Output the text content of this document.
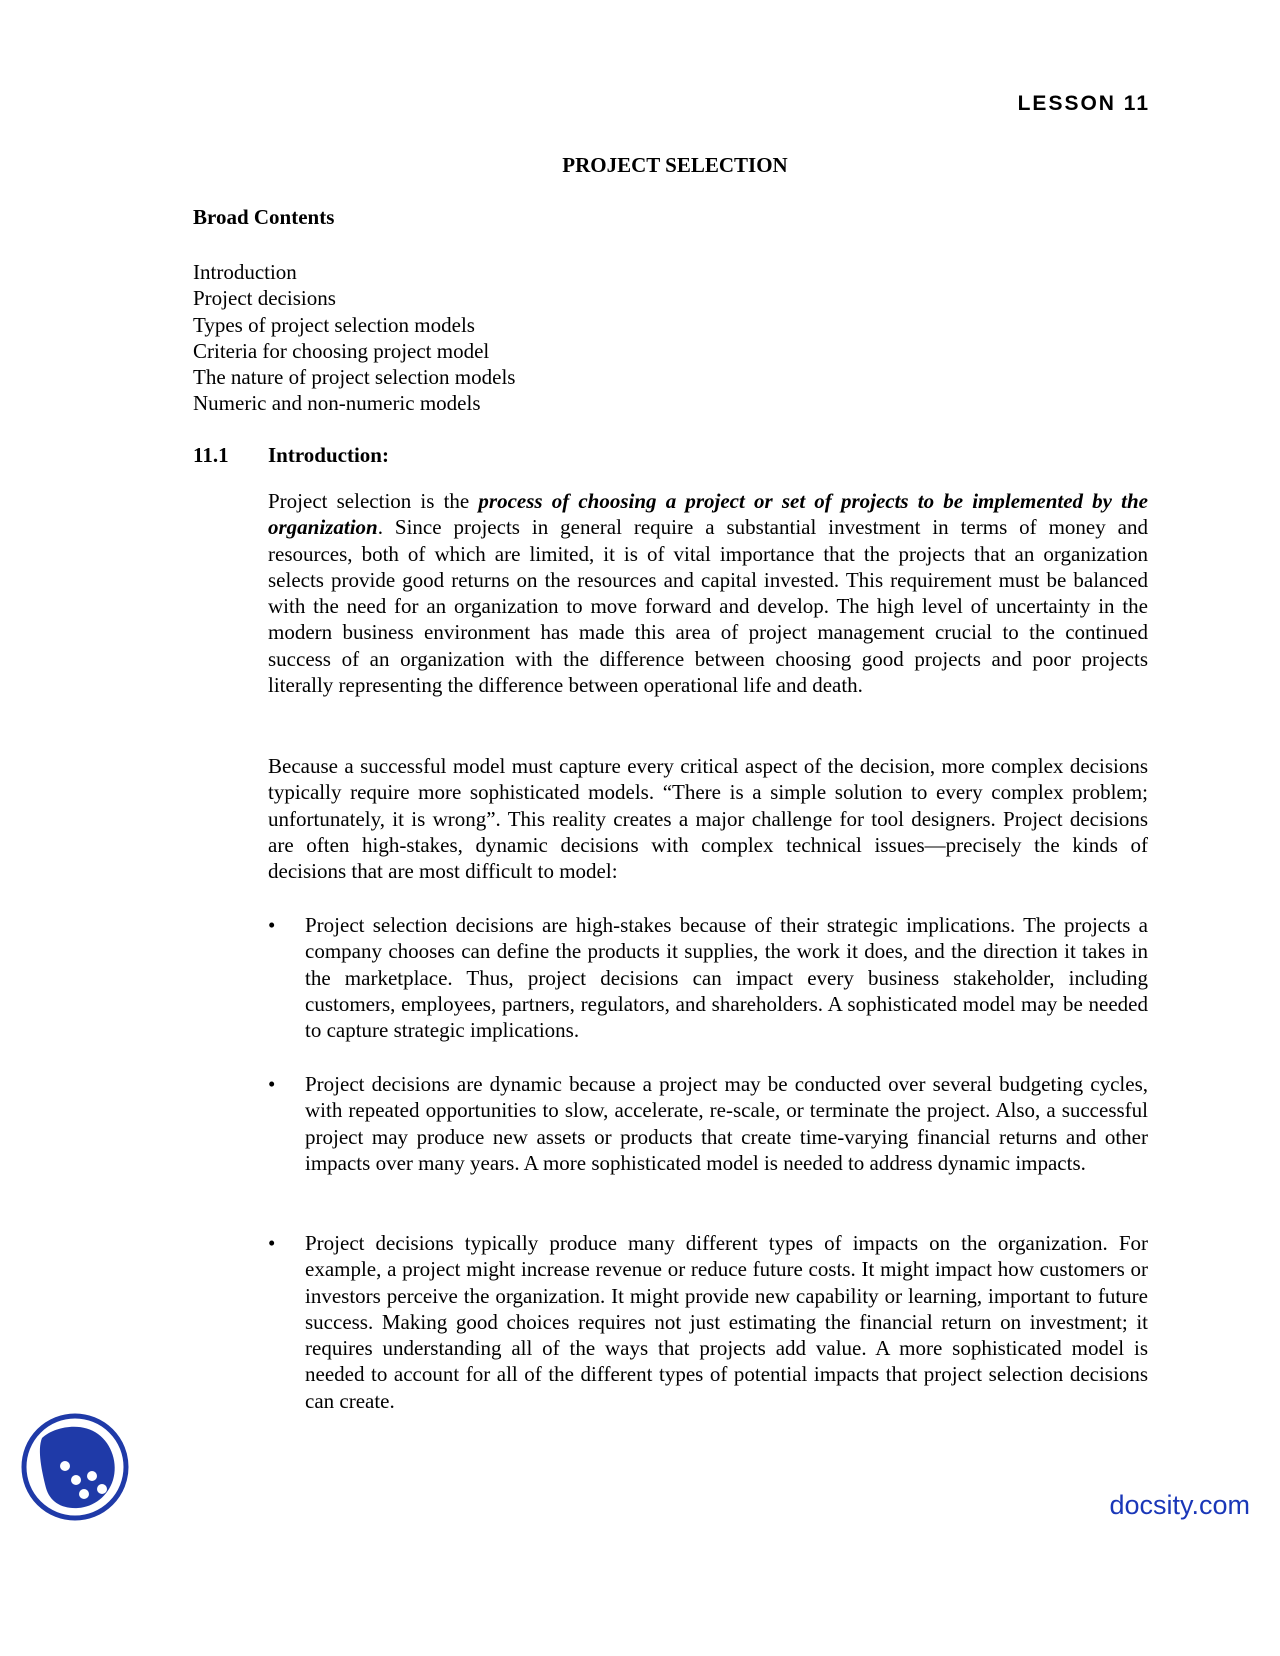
LESSON 11
PROJECT SELECTION
Broad Contents
Introduction
Project decisions
Types of project selection models
Criteria for choosing project model
The nature of project selection models
Numeric and non-numeric models
11.1 Introduction:

Project selection is the process of choosing a project or set of projects to be implemented by the organization. Since projects in general require a substantial investment in terms of money and resources, both of which are limited, it is of vital importance that the projects that an organization selects provide good returns on the resources and capital invested. This requirement must be balanced with the need for an organization to move forward and develop. The high level of uncertainty in the modern business environment has made this area of project management crucial to the continued success of an organization with the difference between choosing good projects and poor projects literally representing the difference between operational life and death.

Because a successful model must capture every critical aspect of the decision, more complex decisions typically require more sophisticated models. “There is a simple solution to every complex problem; unfortunately, it is wrong”. This reality creates a major challenge for tool designers. Project decisions are often high-stakes, dynamic decisions with complex technical issues—precisely the kinds of decisions that are most difficult to model:

•	Project selection decisions are high-stakes because of their strategic implications. The projects a company chooses can define the products it supplies, the work it does, and the direction it takes in the marketplace. Thus, project decisions can impact every business stakeholder, including customers, employees, partners, regulators, and shareholders. A sophisticated model may be needed to capture strategic implications.
•	Project decisions are dynamic because a project may be conducted over several budgeting cycles, with repeated opportunities to slow, accelerate, re-scale, or terminate the project. Also, a successful project may produce new assets or products that create time-varying financial returns and other impacts over many years. A more sophisticated model is needed to address dynamic impacts.
•	Project decisions typically produce many different types of impacts on the organization. For example, a project might increase revenue or reduce future costs. It might impact how customers or investors perceive the organization. It might provide new capability or learning, important to future success. Making good choices requires not just estimating the financial return on investment; it requires understanding all of the ways that projects add value. A more sophisticated model is needed to account for all of the different types of potential impacts that project selection decisions can create.
docsity.com
